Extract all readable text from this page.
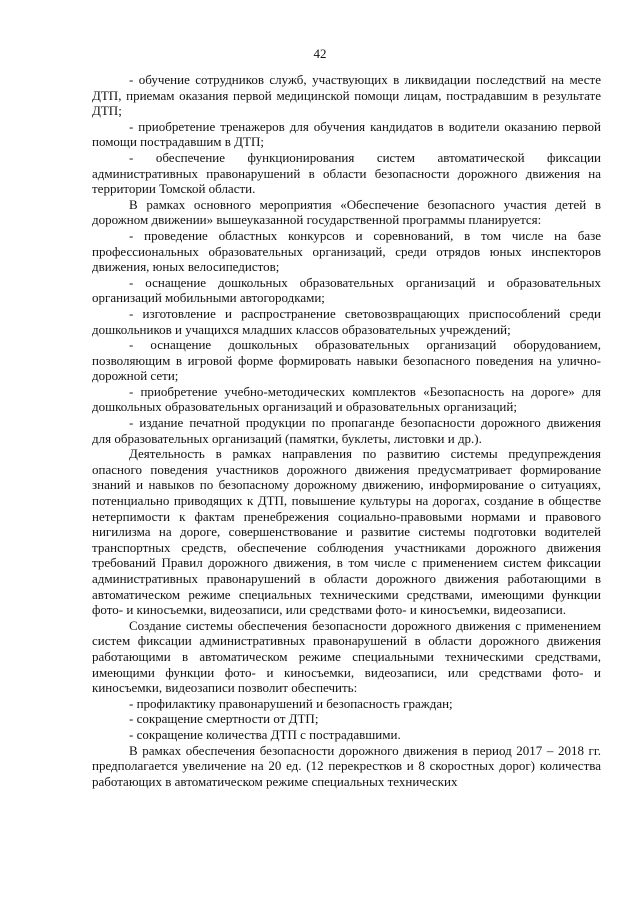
42

- обучение сотрудников служб, участвующих в ликвидации последствий на месте ДТП, приемам оказания первой медицинской помощи лицам, пострадавшим в результате ДТП;

- приобретение тренажеров для обучения кандидатов в водители оказанию первой помощи пострадавшим в ДТП;

- обеспечение функционирования систем автоматической фиксации административных правонарушений в области безопасности дорожного движения на территории Томской области.

В рамках основного мероприятия «Обеспечение безопасного участия детей в дорожном движении» вышеуказанной государственной программы планируется:

- проведение областных конкурсов и соревнований, в том числе на базе профессиональных образовательных организаций, среди отрядов юных инспекторов движения, юных велосипедистов;

- оснащение дошкольных образовательных организаций и образовательных организаций мобильными автогородками;

- изготовление и распространение световозвращающих приспособлений среди дошкольников и учащихся младших классов образовательных учреждений;

- оснащение дошкольных образовательных организаций оборудованием, позволяющим в игровой форме формировать навыки безопасного поведения на улично-дорожной сети;

- приобретение учебно-методических комплектов «Безопасность на дороге» для дошкольных образовательных организаций и образовательных организаций;

- издание печатной продукции по пропаганде безопасности дорожного движения для образовательных организаций (памятки, буклеты, листовки и др.).

Деятельность в рамках направления по развитию системы предупреждения опасного поведения участников дорожного движения предусматривает формирование знаний и навыков по безопасному дорожному движению, информирование о ситуациях, потенциально приводящих к ДТП, повышение культуры на дорогах, создание в обществе нетерпимости к фактам пренебрежения социально-правовыми нормами и правового нигилизма на дороге, совершенствование и развитие системы подготовки водителей транспортных средств, обеспечение соблюдения участниками дорожного движения требований Правил дорожного движения, в том числе с применением систем фиксации административных правонарушений в области дорожного движения работающими в автоматическом режиме специальных техническими средствами, имеющими функции фото- и киносъемки, видеозаписи, или средствами фото- и киносъемки, видеозаписи.

Создание системы обеспечения безопасности дорожного движения с применением систем фиксации административных правонарушений в области дорожного движения работающими в автоматическом режиме специальными техническими средствами, имеющими функции фото- и киносъемки, видеозаписи, или средствами фото- и киносъемки, видеозаписи позволит обеспечить:

- профилактику правонарушений и безопасность граждан;

- сокращение смертности от ДТП;

- сокращение количества ДТП с пострадавшими.

В рамках обеспечения безопасности дорожного движения в период 2017 – 2018 гг. предполагается увеличение на 20 ед. (12 перекрестков и 8 скоростных дорог) количества работающих в автоматическом режиме специальных технических
